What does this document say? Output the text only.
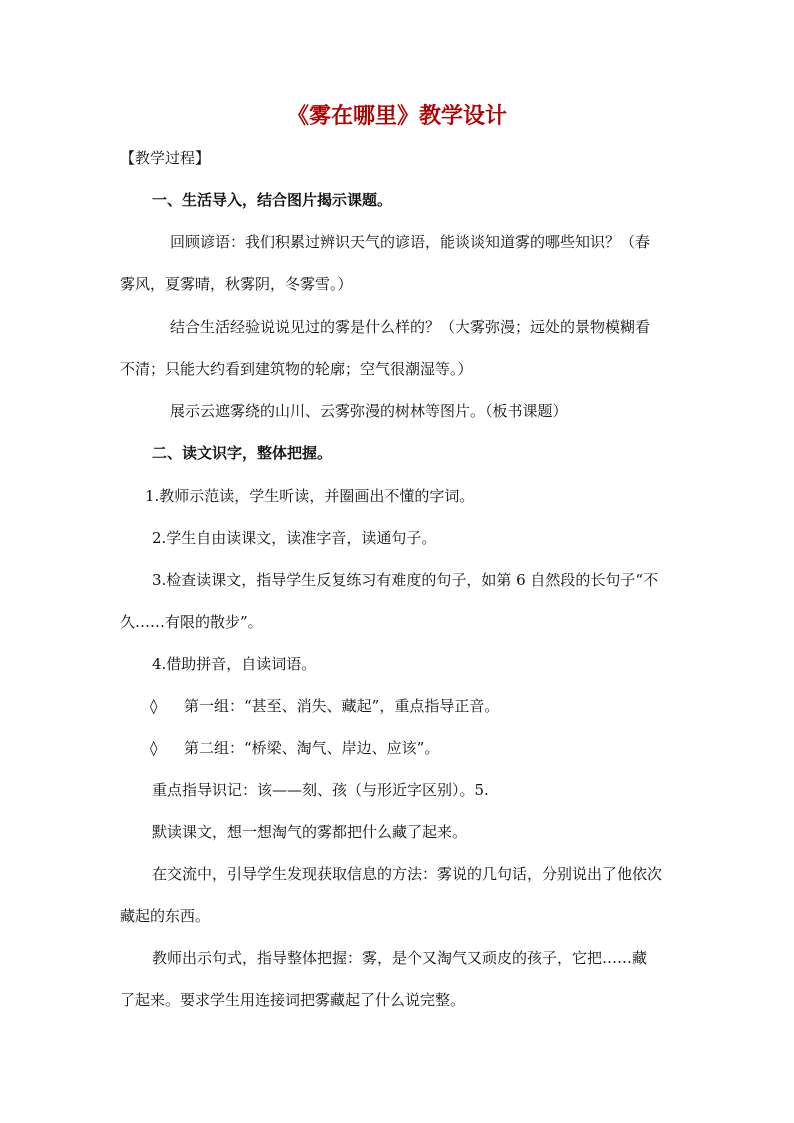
《雾在哪里》教学设计
【教学过程】
一、生活导入，结合图片揭示课题。
回顾谚语：我们积累过辨识天气的谚语，能谈谈知道雾的哪些知识？（春
雾风，夏雾晴，秋雾阴，冬雾雪。）
结合生活经验说说见过的雾是什么样的？（大雾弥漫；远处的景物模糊看
不清；只能大约看到建筑物的轮廓；空气很潮湿等。）
展示云遮雾绕的山川、云雾弥漫的树林等图片。（板书课题）
二、读文识字，整体把握。
1.教师示范读，学生听读，并圈画出不懂的字词。
2.学生自由读课文，读准字音，读通句子。
3.检查读课文，指导学生反复练习有难度的句子，如第 6 自然段的长句子“不
久……有限的散步”。
4.借助拼音，自读词语。
◊ 第一组：“甚至、消失、藏起”，重点指导正音。
◊ 第二组：“桥梁、淘气、岸边、应该”。
重点指导识记：该——刻、孩（与形近字区别）。5.
默读课文，想一想淘气的雾都把什么藏了起来。
在交流中，引导学生发现获取信息的方法：雾说的几句话，分别说出了他依次
藏起的东西。
教师出示句式，指导整体把握：雾，是个又淘气又顽皮的孩子，它把……藏
了起来。要求学生用连接词把雾藏起了什么说完整。
